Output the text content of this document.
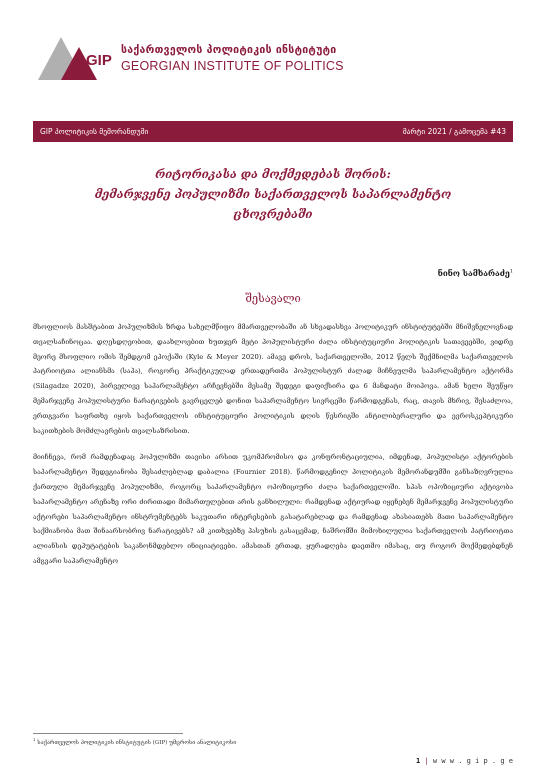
GIP
საქართველოს პოლიტიკის ინსტიტუტი
GEORGIAN INSTITUTE OF POLITICS
GIP პოლიტიკის მემორანდუმი	მარტი 2021 / გამოცემა #43
რიტორიკასა და მოქმედებას შორის:
მემარჯვენე პოპულიზმი საქართველოს საპარლამენტო
ცხოვრებაში
ნინო სამხარაძე$^1$
შესავალი

მსოფლიოს მასშტაბით პოპულიზმის ზრდა სახელმწიფო მმართველობაში ან სხვადასხვა პოლიტიკურ ინსტიტუტებში მნიშვნელოვნად თვალსაჩინოცაა. დღესდღეობით, დაახლოებით ხუთჯერ მეტი პოპულისტური ძალა ინსტიტუციური პოლიტიკის სათავეებში, ვიდრე მეორე მსოფლიო ომის შემდგომ ეპოქაში (Kyle & Meyer 2020). ამავე დროს, საქართველოში, 2012 წელს შექმნილმა საქართველოს პატრიოტთა ალიანსმა (საპა), როგორც პრაქტიკულად ერთადერთმა პოპულისტურ ძალად მიჩნეულმა საპარლამენტო აქტორმა (Silagadze 2020), პირველივე საპარლამენტო არჩევნებში მესამე შედეგი დაფიქსირა და 6 მანდატი მოიპოვა. ამან ხელი შეუწყო მემარჯვენე პოპულისტური ნარატივების გავრცელებ დონით საპარლამენტო სივრცეში წარმოდგენას, რაც, თავის მხრივ, შესაძლოა, ერთგვარი საფრთხე იყოს საქართველოს ინსტიტუციური პოლიტიკის დღის წესრიგში ანტილიბერალური და ევროსკეპტიკური საკითხების მომძლავრების თვალსაზრისით.

მიიჩნევა, რომ რამდენადაც პოპულიზმი თავისი არსით უკომპრომისო და კონფრონტაციულია, იმდენად, პოპულისტი აქტორების საპარლამენტო შედეგიანობა შესაძლებლად დაბალია (Fournier 2018). წარმოდგენილ პოლიტიკის მემორანდუმში განსაზღვრულია ქართული მემარჯვენე პოპულიზმი, როგორც საპარლამენტო ოპოზიციური ძალა საქართველოში. სპას ოპოზიციური აქტივობა საპარლამენტო არენაზე ორი ძირითადი მიმართულებით არის განხილული: რამდენად აქტიურად იყენებენ მემარჯვენე პოპულისტური აქტორები საპარლამენტო ინსტრუმენტებს საკუთარი ინტერესების გასატარებლად და რამდენად ახასიათებს მათი საპარლამენტო საქმიანობა მათ შინაარსობრივ ნარატივებს? ამ კითხვებზე პასუხის გასაცემად, ნაშრომში მიმოხილულია საქართველოს პატრიოტთა ალიანსის დეპუტატების საკანონმდებლო ინიციატივები. ამასთან ერთად, ყურადღება დაეთმო იმასაც, თუ როგორ მოქმედებდნენ ამგვარი საპარლამენტო

$^1$ საქართველოს პოლიტიკის ინსტიტუტის (GIP) უმცროსი ანალიტიკოსი
1 | w w w . g i p . g e
